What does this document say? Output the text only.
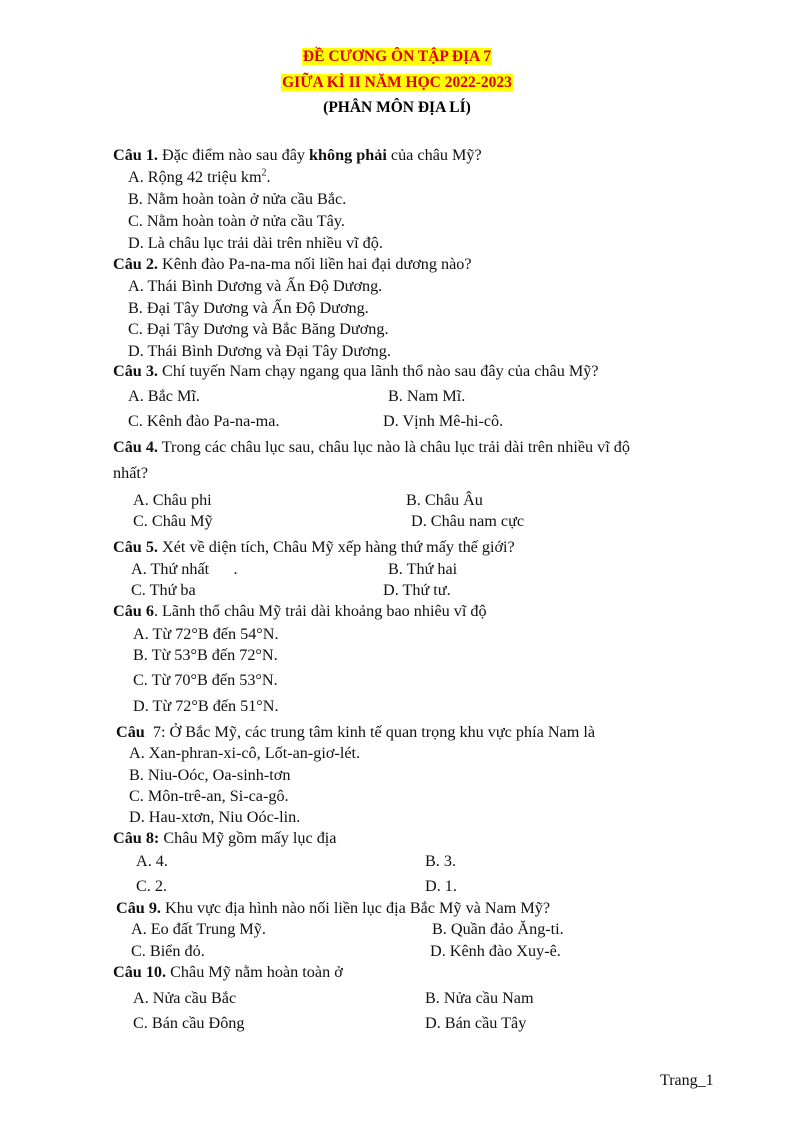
ĐỀ CƯƠNG ÔN TẬP ĐỊA 7
GIỮA KÌ II NĂM HỌC 2022-2023
(PHÂN MÔN ĐỊA LÍ)
Câu 1. Đặc điểm nào sau đây không phải của châu Mỹ?
A. Rộng 42 triệu $km^2$.
B. Nằm hoàn toàn ở nửa cầu Bắc.
C. Nằm hoàn toàn ở nửa cầu Tây.
D. Là châu lục trải dài trên nhiều vĩ độ.
Câu 2. Kênh đào Pa-na-ma nối liền hai đại dương nào?
A. Thái Bình Dương và Ấn Độ Dương.
B. Đại Tây Dương và Ấn Độ Dương.
C. Đại Tây Dương và Bắc Băng Dương.
D. Thái Bình Dương và Đại Tây Dương.
Câu 3. Chí tuyến Nam chạy ngang qua lãnh thổ nào sau đây của châu Mỹ?
A. Bắc Mĩ.	B. Nam Mĩ.
C. Kênh đào Pa-na-ma.	D. Vịnh Mê-hi-cô.
Câu 4. Trong các châu lục sau, châu lục nào là châu lục trải dài trên nhiều vĩ độ
nhất?
A. Châu phi	B. Châu Âu
C. Châu Mỹ	D. Châu nam cực
Câu 5. Xét về diện tích, Châu Mỹ xếp hàng thứ mấy thế giới?
A. Thứ nhất      .	B. Thứ hai
C. Thứ ba	D. Thứ tư.
Câu 6. Lãnh thổ châu Mỹ trải dài khoảng bao nhiêu vĩ độ
A. Từ 72°B đến 54°N.
B. Từ 53°B đến 72°N.
C. Từ 70°B đến 53°N.
D. Từ 72°B đến 51°N.
Câu  7: Ở Bắc Mỹ, các trung tâm kinh tế quan trọng khu vực phía Nam là
A. Xan-phran-xi-cô, Lốt-an-giơ-lét.
B. Niu-Oóc, Oa-sinh-tơn
C. Môn-trê-an, Si-ca-gô.
D. Hau-xtơn, Niu Oóc-lin.
Câu 8: Châu Mỹ gồm mấy lục địa
A. 4.	B. 3.
C. 2.	D. 1.
Câu 9. Khu vực địa hình nào nối liền lục địa Bắc Mỹ và Nam Mỹ?
A. Eo đất Trung Mỹ.	B. Quần đảo Ăng-ti.
C. Biển đỏ.	D. Kênh đào Xuy-ê.
Câu 10. Châu Mỹ nằm hoàn toàn ở
A. Nửa cầu Bắc	B. Nửa cầu Nam
C. Bán cầu Đông	D. Bán cầu Tây
Trang_1
